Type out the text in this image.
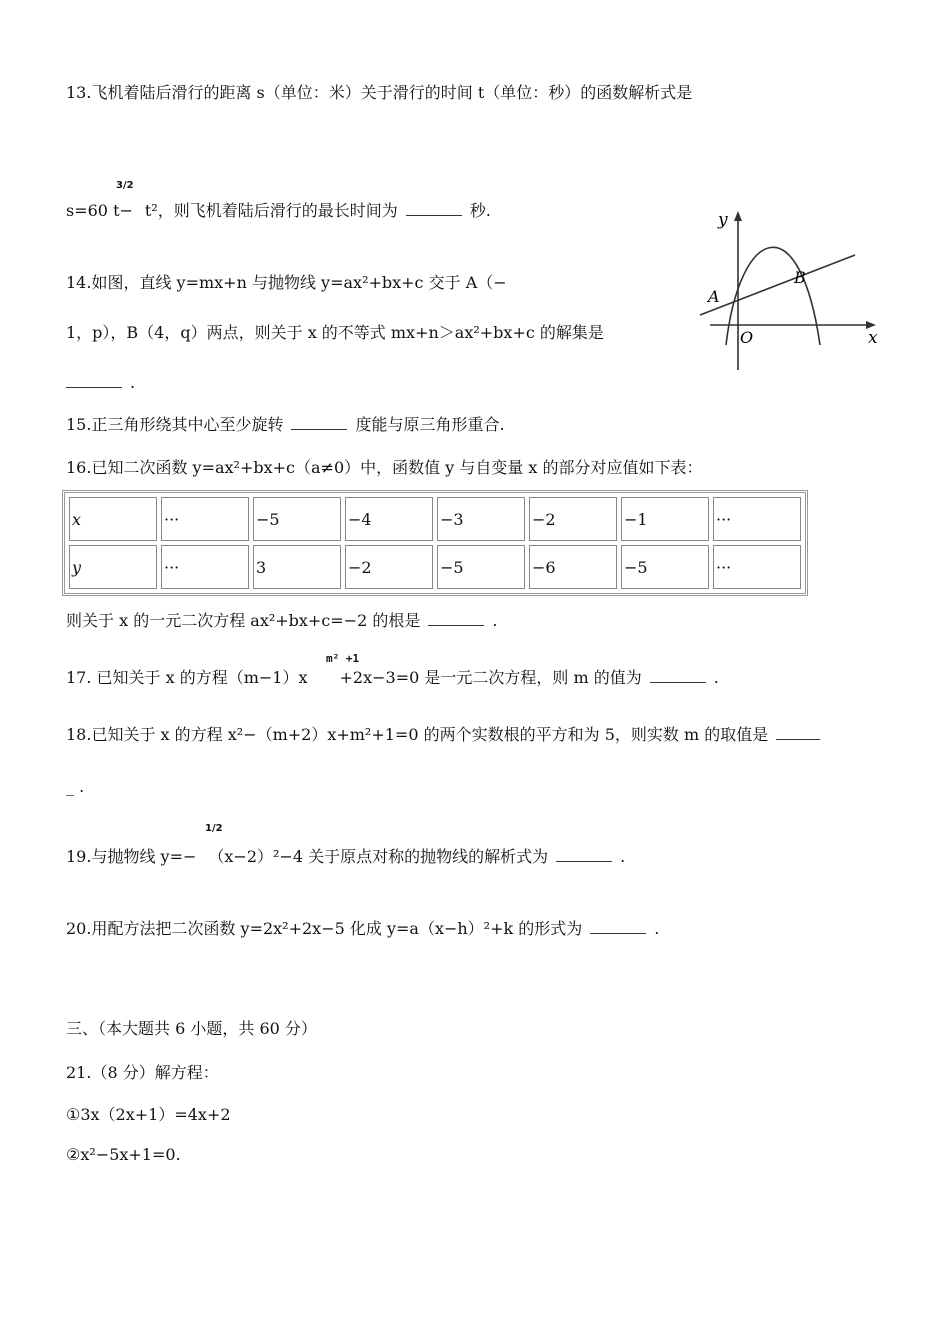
13.飞机着陆后滑行的距离 s（单位：米）关于滑行的时间 t（单位：秒）的函数解析式是
3/2
s=60 t− t²，则飞机着陆后滑行的最长时间为	秒.
14.如图，直线 y=mx+n 与抛物线 y=ax²+bx+c 交于 A（−
1，p），B（4，q）两点，则关于 x 的不等式 mx+n＞ax²+bx+c 的解集是
.
y
x
A
B
O
15.正三角形绕其中心至少旋转	度能与原三角形重合.
16.已知二次函数 y=ax²+bx+c（a≠0）中，函数值 y 与自变量 x 的部分对应值如下表：
x	···	−5	−4	−3	−2	−1	···

y	···	3	−2	−5	−6	−5	···
则关于 x 的一元二次方程 ax²+bx+c=−2 的根是	.
m² +1
17. 已知关于 x 的方程（m−1）x +2x−3=0 是一元二次方程，则 m 的值为	.
18.已知关于 x 的方程 x²−（m+2）x+m²+1=0 的两个实数根的平方和为 5，则实数 m 的取值是
_ .
1/2
19.与抛物线 y=− （x−2）²−4 关于原点对称的抛物线的解析式为	.
20.用配方法把二次函数 y=2x²+2x−5 化成 y=a（x−h）²+k 的形式为	.
三、（本大题共 6 小题，共 60 分）
21.（8 分）解方程：
①3x（2x+1）=4x+2
②x²−5x+1=0.
